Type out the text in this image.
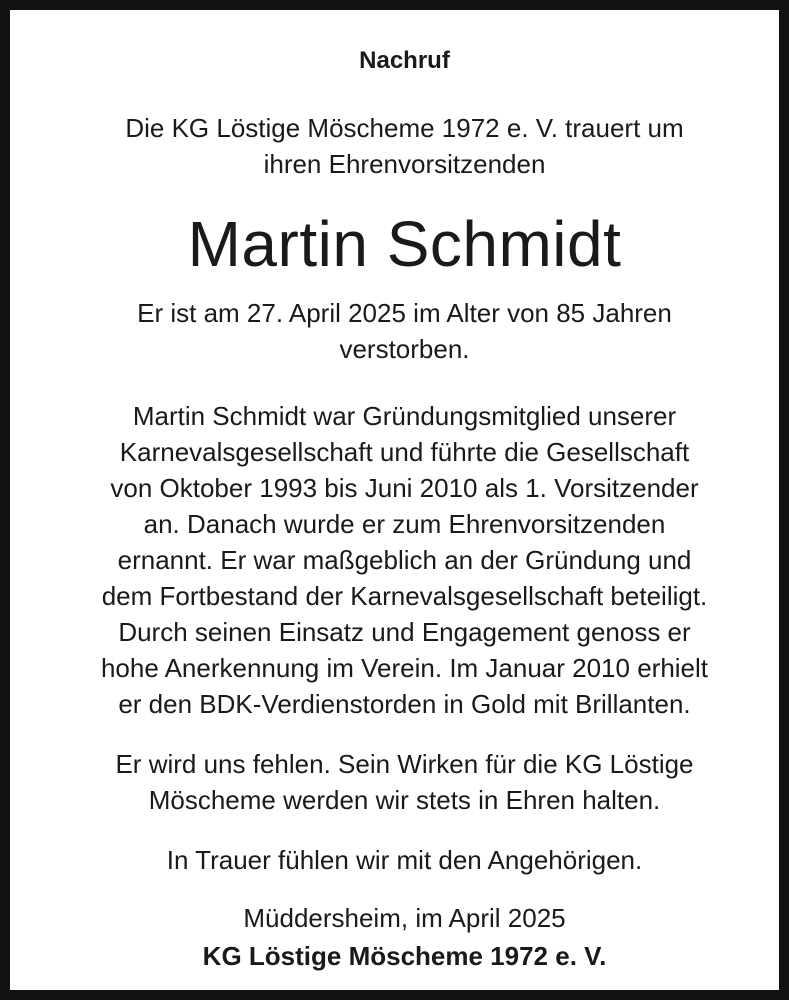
Nachruf

Die KG Löstige Möscheme 1972 e. V. trauert um
ihren Ehrenvorsitzenden

Martin Schmidt

Er ist am 27. April 2025 im Alter von 85 Jahren
verstorben.

Martin Schmidt war Gründungsmitglied unserer
Karnevalsgesellschaft und führte die Gesellschaft
von Oktober 1993 bis Juni 2010 als 1. Vorsitzender
an. Danach wurde er zum Ehrenvorsitzenden
ernannt. Er war maßgeblich an der Gründung und
dem Fortbestand der Karnevalsgesellschaft beteiligt.
Durch seinen Einsatz und Engagement genoss er
hohe Anerkennung im Verein. Im Januar 2010 erhielt
er den BDK-Verdienstorden in Gold mit Brillanten.

Er wird uns fehlen. Sein Wirken für die KG Löstige
Möscheme werden wir stets in Ehren halten.

In Trauer fühlen wir mit den Angehörigen.

Müddersheim, im April 2025

KG Löstige Möscheme 1972 e. V.
